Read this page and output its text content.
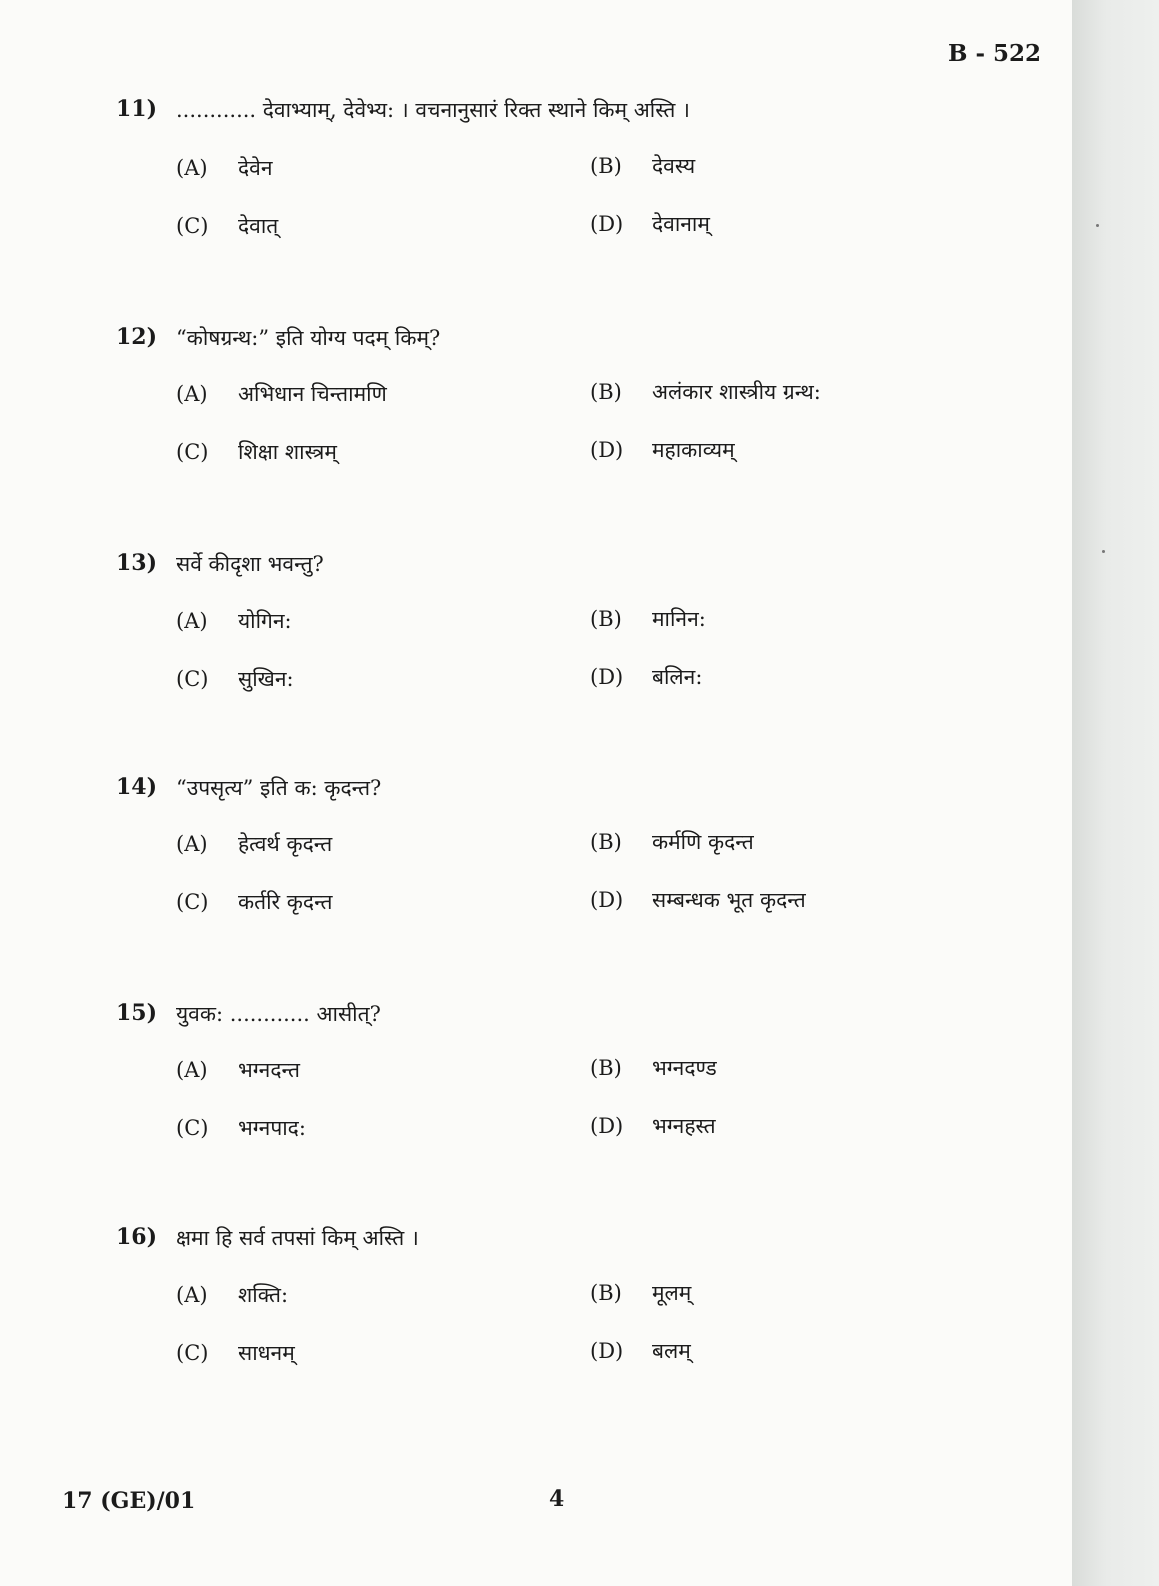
B - 522
11) ............ देवाभ्याम्, देवेभ्य: । वचनानुसारं रिक्त स्थाने किम् अस्ति ।
(A) देवेन	(B) देवस्य
(C) देवात्	(D) देवानाम्
12) “कोषग्रन्थ:” इति योग्य पदम् किम्?
(A) अभिधान चिन्तामणि	(B) अलंकार शास्त्रीय ग्रन्थ:
(C) शिक्षा शास्त्रम्	(D) महाकाव्यम्
13) सर्वे कीदृशा भवन्तु?
(A) योगिन:	(B) मानिन:
(C) सुखिन:	(D) बलिन:
14) “उपसृत्य” इति क: कृदन्त?
(A) हेत्वर्थ कृदन्त	(B) कर्मणि कृदन्त
(C) कर्तरि कृदन्त	(D) सम्बन्धक भूत कृदन्त
15) युवक: ............ आसीत्?
(A) भग्नदन्त	(B) भग्नदण्ड
(C) भग्नपाद:	(D) भग्नहस्त
16) क्षमा हि सर्व तपसां किम् अस्ति ।
(A) शक्ति:	(B) मूलम्
(C) साधनम्	(D) बलम्
17 (GE)/01	4
